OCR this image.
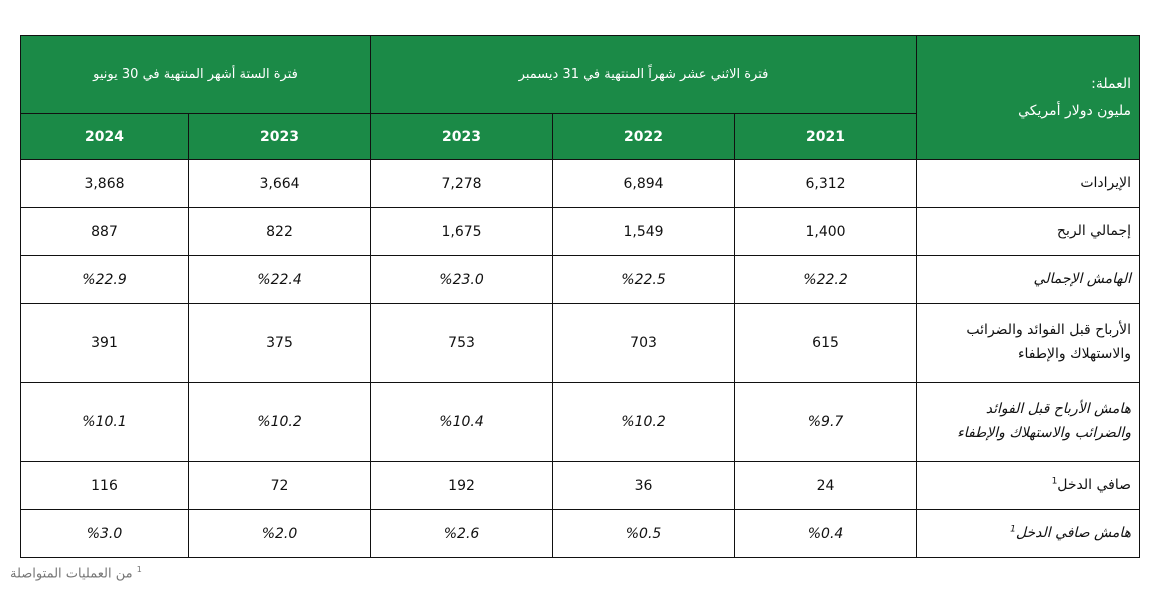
العملة:
مليون دولار أمريكي	فترة الاثني عشر شهراً المنتهية في 31 ديسمبر			فترة الستة أشهر المنتهية في 30 يونيو	
	2021	2022	2023	2023	2024
الإيرادات	6,312	6,894	7,278	3,664	3,868
إجمالي الربح	1,400	1,549	1,675	822	887
الهامش الإجمالي	%22.2	%22.5	%23.0	%22.4	%22.9
الأرباح قبل الفوائد والضرائب والاستهلاك والإطفاء	615	703	753	375	391
هامش الأرباح قبل الفوائد والضرائب والاستهلاك والإطفاء	%9.7	%10.2	%10.4	%10.2	%10.1
صافي الدخل$^1$	24	36	192	72	116
هامش صافي الدخل$^1$	%0.4	%0.5	%2.6	%2.0	%3.0
$^1$ من العمليات المتواصلة
